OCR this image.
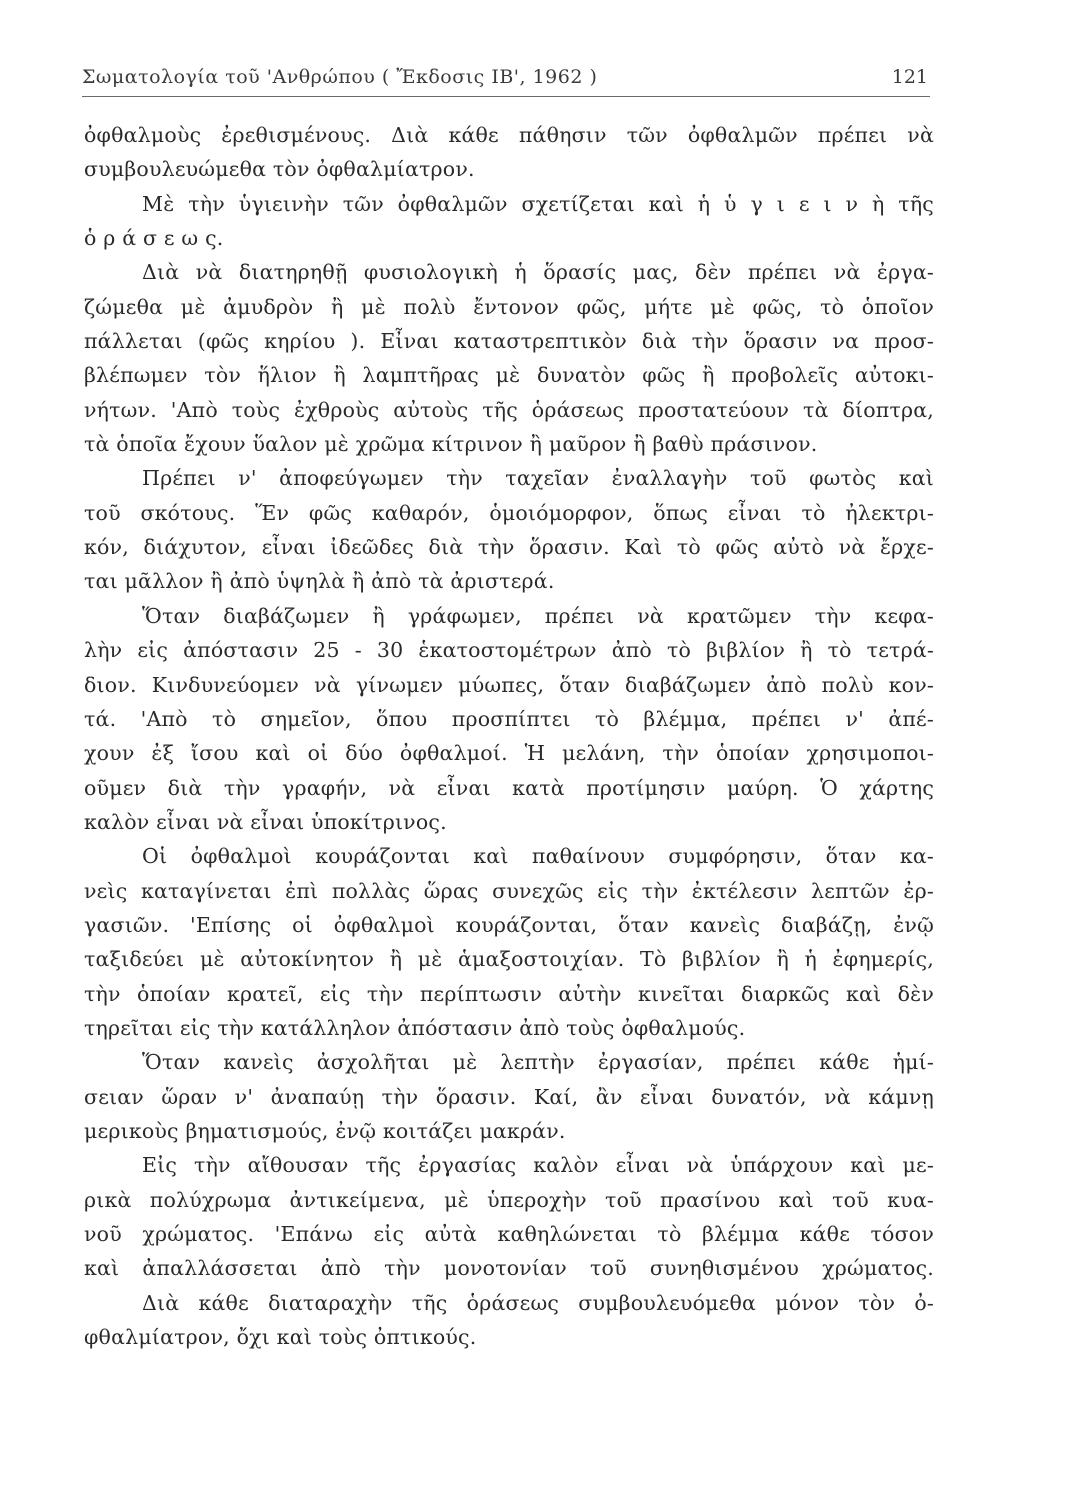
Σωματολογία τοῦ 'Ανθρώπου ( Ἔκδοσις ΙΒ', 1962 )	121
ὀφθαλμοὺς ἐρεθισμένους. Διὰ κάθε πάθησιν τῶν ὀφθαλμῶν πρέπει νὰ
συμβουλευώμεθα τὸν ὀφθαλμίατρον.
Μὲ τὴν ὑγιεινὴν τῶν ὀφθαλμῶν σχετίζεται καὶ ἡ ὑ γ ι ε ι ν ὴ τῆς
ὁ ρ ά σ ε ω ς.
Διὰ νὰ διατηρηθῇ φυσιολογικὴ ἡ ὅρασίς μας, δὲν πρέπει νὰ ἐργα-
ζώμεθα μὲ ἀμυδρὸν ἢ μὲ πολὺ ἔντονον φῶς, μήτε μὲ φῶς, τὸ ὁποῖον
πάλλεται (φῶς κηρίου ). Εἶναι καταστρεπτικὸν διὰ τὴν ὅρασιν να προσ-
βλέπωμεν τὸν ἥλιον ἢ λαμπτῆρας μὲ δυνατὸν φῶς ἢ προβολεῖς αὐτοκι-
νήτων. 'Απὸ τοὺς ἐχθροὺς αὐτοὺς τῆς ὁράσεως προστατεύουν τὰ δίοπτρα,
τὰ ὁποῖα ἔχουν ὕαλον μὲ χρῶμα κίτρινον ἢ μαῦρον ἢ βαθὺ πράσινον.
Πρέπει ν' ἀποφεύγωμεν τὴν ταχεῖαν ἐναλλαγὴν τοῦ φωτὸς καὶ
τοῦ σκότους. Ἕν φῶς καθαρόν, ὁμοιόμορφον, ὅπως εἶναι τὸ ἠλεκτρι-
κόν, διάχυτον, εἶναι ἰδεῶδες διὰ τὴν ὅρασιν. Καὶ τὸ φῶς αὐτὸ νὰ ἔρχε-
ται μᾶλλον ἢ ἀπὸ ὑψηλὰ ἢ ἀπὸ τὰ ἀριστερά.
Ὅταν διαβάζωμεν ἢ γράφωμεν, πρέπει νὰ κρατῶμεν τὴν κεφα-
λὴν εἰς ἀπόστασιν 25 - 30 ἑκατοστομέτρων ἀπὸ τὸ βιβλίον ἢ τὸ τετρά-
διον. Κινδυνεύομεν νὰ γίνωμεν μύωπες, ὅταν διαβάζωμεν ἀπὸ πολὺ κον-
τά. 'Απὸ τὸ σημεῖον, ὅπου προσπίπτει τὸ βλέμμα, πρέπει ν' ἀπέ-
χουν ἐξ ἴσου καὶ οἱ δύο ὀφθαλμοί. Ἡ μελάνη, τὴν ὁποίαν χρησιμοποι-
οῦμεν διὰ τὴν γραφήν, νὰ εἶναι κατὰ προτίμησιν μαύρη. Ὁ χάρτης
καλὸν εἶναι νὰ εἶναι ὑποκίτρινος.
Οἱ ὀφθαλμοὶ κουράζονται καὶ παθαίνουν συμφόρησιν, ὅταν κα-
νεὶς καταγίνεται ἐπὶ πολλὰς ὥρας συνεχῶς εἰς τὴν ἐκτέλεσιν λεπτῶν ἐρ-
γασιῶν. 'Επίσης οἱ ὀφθαλμοὶ κουράζονται, ὅταν κανεὶς διαβάζῃ, ἐνῷ
ταξιδεύει μὲ αὐτοκίνητον ἢ μὲ ἁμαξοστοιχίαν. Τὸ βιβλίον ἢ ἡ ἐφημερίς,
τὴν ὁποίαν κρατεῖ, εἰς τὴν περίπτωσιν αὐτὴν κινεῖται διαρκῶς καὶ δὲν
τηρεῖται εἰς τὴν κατάλληλον ἀπόστασιν ἀπὸ τοὺς ὀφθαλμούς.
Ὅταν κανεὶς ἀσχολῆται μὲ λεπτὴν ἐργασίαν, πρέπει κάθε ἡμί-
σειαν ὥραν ν' ἀναπαύῃ τὴν ὅρασιν. Καί, ἂν εἶναι δυνατόν, νὰ κάμνῃ
μερικοὺς βηματισμούς, ἐνῷ κοιτάζει μακράν.
Εἰς τὴν αἴθουσαν τῆς ἐργασίας καλὸν εἶναι νὰ ὑπάρχουν καὶ με-
ρικὰ πολύχρωμα ἀντικείμενα, μὲ ὑπεροχὴν τοῦ πρασίνου καὶ τοῦ κυα-
νοῦ χρώματος. 'Επάνω εἰς αὐτὰ καθηλώνεται τὸ βλέμμα κάθε τόσον
καὶ ἀπαλλάσσεται ἀπὸ τὴν μονοτονίαν τοῦ συνηθισμένου χρώματος.
Διὰ κάθε διαταραχὴν τῆς ὁράσεως συμβουλευόμεθα μόνον τὸν ὀ-
φθαλμίατρον, ὄχι καὶ τοὺς ὀπτικούς.
